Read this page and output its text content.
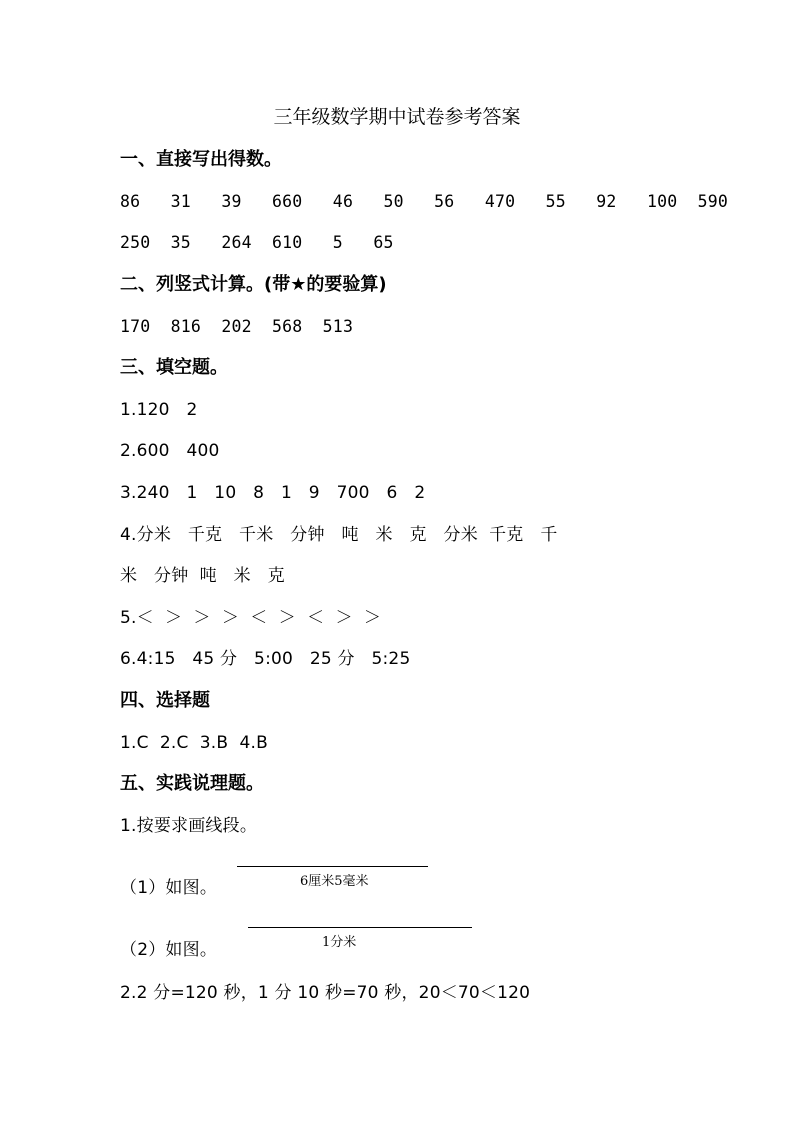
三年级数学期中试卷参考答案
一、直接写出得数。
86   31   39   660   46   50   56   470   55   92   100  590
250  35   264  610   5   65
二、列竖式计算。(带★的要验算)
170  816  202  568  513
三、填空题。
1.120   2
2.600   400
3.240   1   10   8   1   9   700   6   2
4.分米   千克   千米   分钟   吨   米   克   分米  千克   千
米   分钟  吨   米   克
5.＜  ＞  ＞  ＞  ＜  ＞  ＜  ＞  ＞
6.4:15   45 分   5:00   25 分   5:25
四、选择题
1.C  2.C  3.B  4.B
五、实践说理题。
1.按要求画线段。
（1）如图。	6厘米5毫米
（2）如图。	1分米
2.2 分=120 秒，1 分 10 秒=70 秒，20＜70＜120
